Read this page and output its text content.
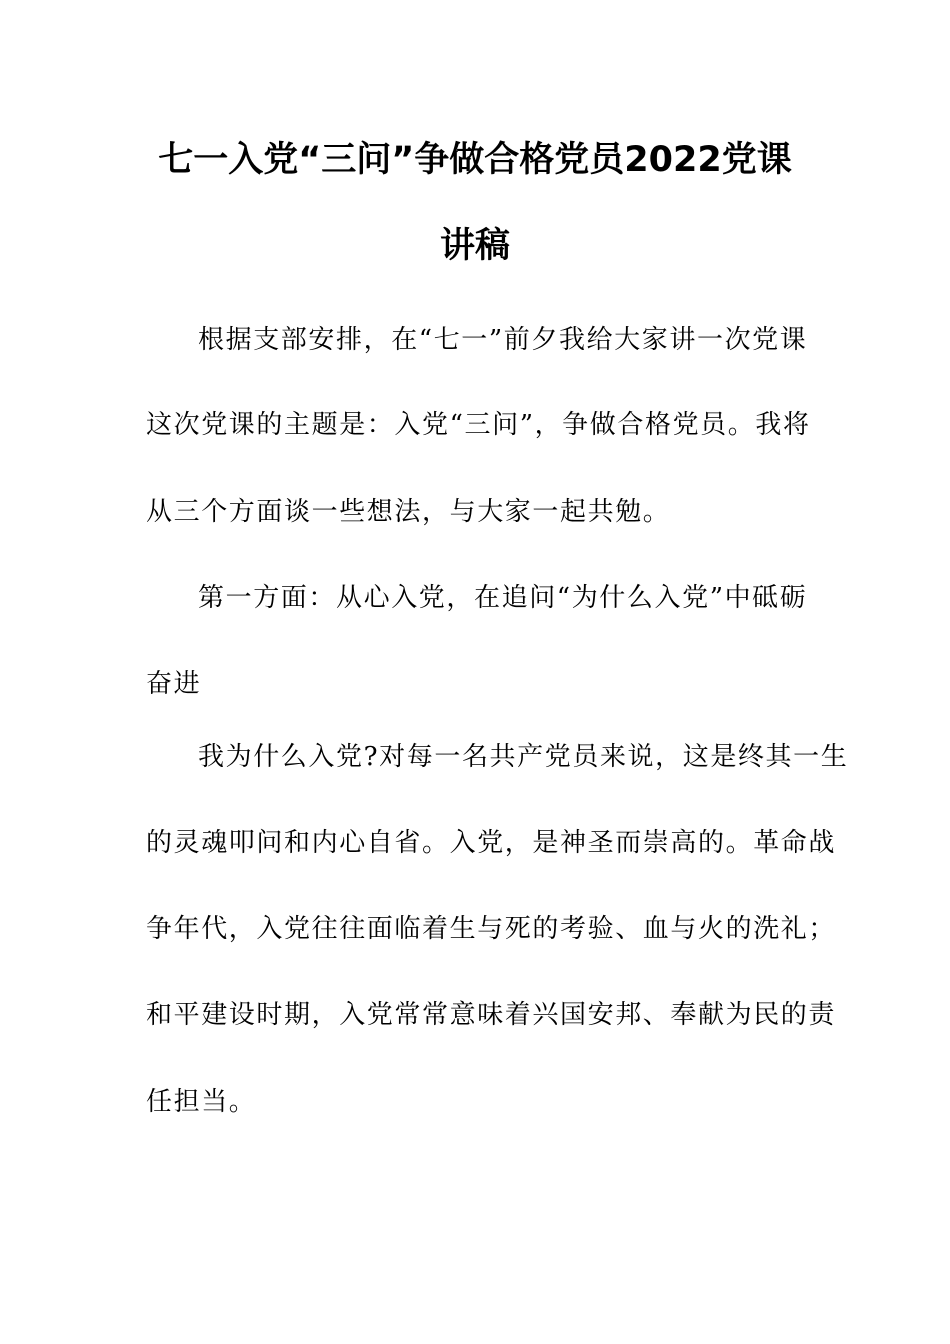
七一入党“三问”争做合格党员2022党课
讲稿
根据支部安排，在“七一”前夕我给大家讲一次党课
这次党课的主题是：入党“三问”，争做合格党员。我将
从三个方面谈一些想法，与大家一起共勉。
第一方面：从心入党，在追问“为什么入党”中砥砺
奋进
我为什么入党?对每一名共产党员来说，这是终其一生
的灵魂叩问和内心自省。入党，是神圣而崇高的。革命战
争年代，入党往往面临着生与死的考验、血与火的洗礼；
和平建设时期，入党常常意味着兴国安邦、奉献为民的责
任担当。
